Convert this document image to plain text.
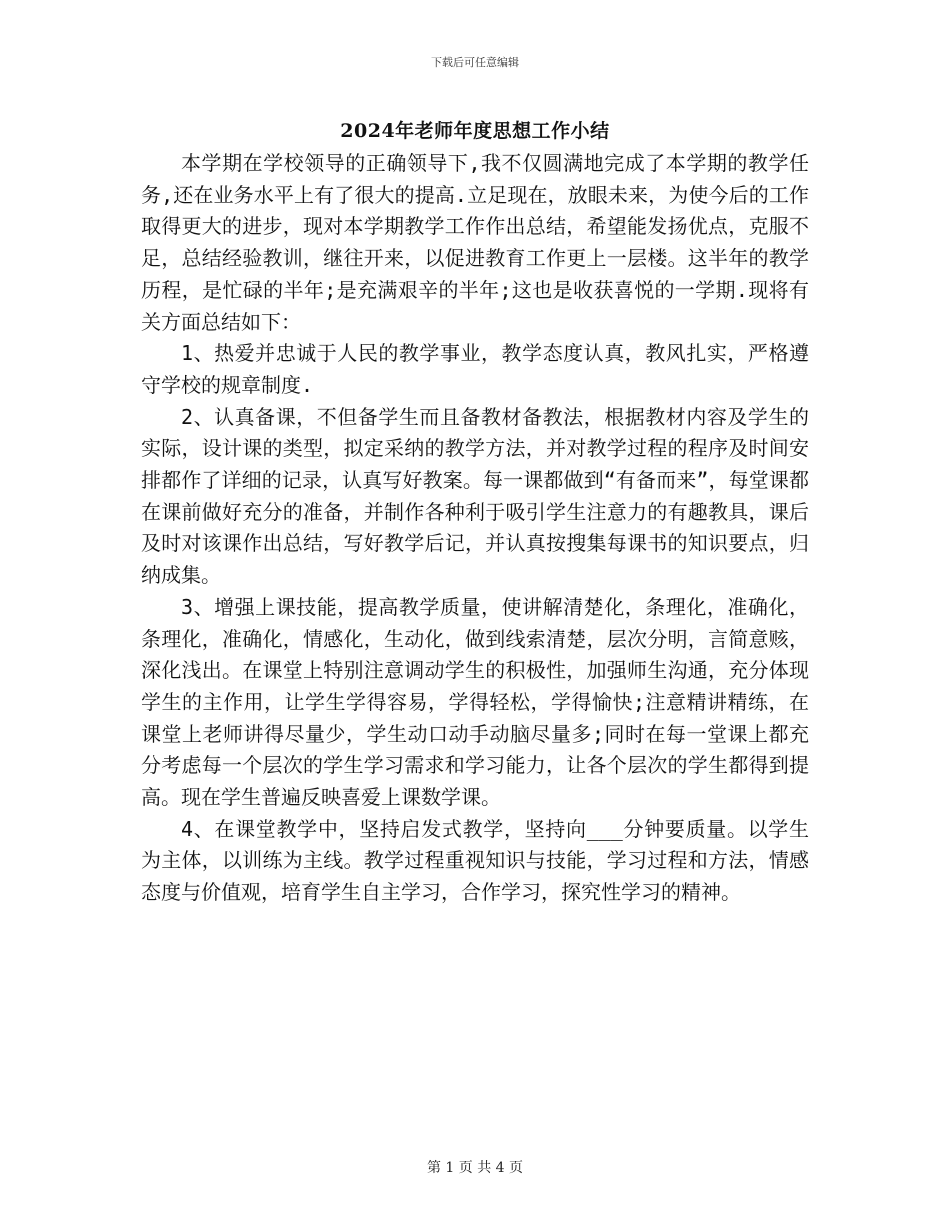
下载后可任意编辑
2024年老师年度思想工作小结

本学期在学校领导的正确领导下,我不仅圆满地完成了本学期的教学任务,还在业务水平上有了很大的提高.立足现在，放眼未来，为使今后的工作取得更大的进步，现对本学期教学工作作出总结，希望能发扬优点，克服不足，总结经验教训，继往开来，以促进教育工作更上一层楼。这半年的教学历程，是忙碌的半年;是充满艰辛的半年;这也是收获喜悦的一学期.现将有关方面总结如下：

1、热爱并忠诚于人民的教学事业，教学态度认真，教风扎实，严格遵守学校的规章制度.

2、认真备课，不但备学生而且备教材备教法，根据教材内容及学生的实际，设计课的类型，拟定采纳的教学方法，并对教学过程的程序及时间安排都作了详细的记录，认真写好教案。每一课都做到“有备而来”，每堂课都在课前做好充分的准备，并制作各种利于吸引学生注意力的有趣教具，课后及时对该课作出总结，写好教学后记，并认真按搜集每课书的知识要点，归纳成集。

3、增强上课技能，提高教学质量，使讲解清楚化，条理化，准确化，条理化，准确化，情感化，生动化，做到线索清楚，层次分明，言简意赅，深化浅出。在课堂上特别注意调动学生的积极性，加强师生沟通，充分体现学生的主作用，让学生学得容易，学得轻松，学得愉快;注意精讲精练，在课堂上老师讲得尽量少，学生动口动手动脑尽量多;同时在每一堂课上都充分考虑每一个层次的学生学习需求和学习能力，让各个层次的学生都得到提高。现在学生普遍反映喜爱上课数学课。

4、在课堂教学中，坚持启发式教学，坚持向___分钟要质量。以学生为主体，以训练为主线。教学过程重视知识与技能，学习过程和方法，情感态度与价值观，培育学生自主学习，合作学习，探究性学习的精神。

第 1 页 共 4 页
